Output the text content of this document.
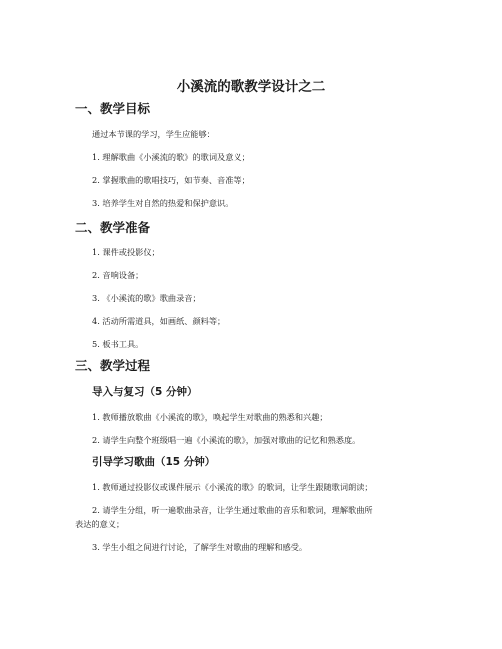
小溪流的歌教学设计之二
一、教学目标
通过本节课的学习，学生应能够：
1. 理解歌曲《小溪流的歌》的歌词及意义；
2. 掌握歌曲的歌唱技巧，如节奏、音准等；
3. 培养学生对自然的热爱和保护意识。
二、教学准备
1. 课件或投影仪；
2. 音响设备；
3. 《小溪流的歌》歌曲录音；
4. 活动所需道具，如画纸、颜料等；
5. 板书工具。
三、教学过程
导入与复习（5 分钟）
1. 教师播放歌曲《小溪流的歌》，唤起学生对歌曲的熟悉和兴趣；
2. 请学生向整个班级唱一遍《小溪流的歌》，加强对歌曲的记忆和熟悉度。
引导学习歌曲（15 分钟）
1. 教师通过投影仪或课件展示《小溪流的歌》的歌词，让学生跟随歌词朗读；
2. 请学生分组，听一遍歌曲录音，让学生通过歌曲的音乐和歌词，理解歌曲所
表达的意义；
3. 学生小组之间进行讨论，了解学生对歌曲的理解和感受。
